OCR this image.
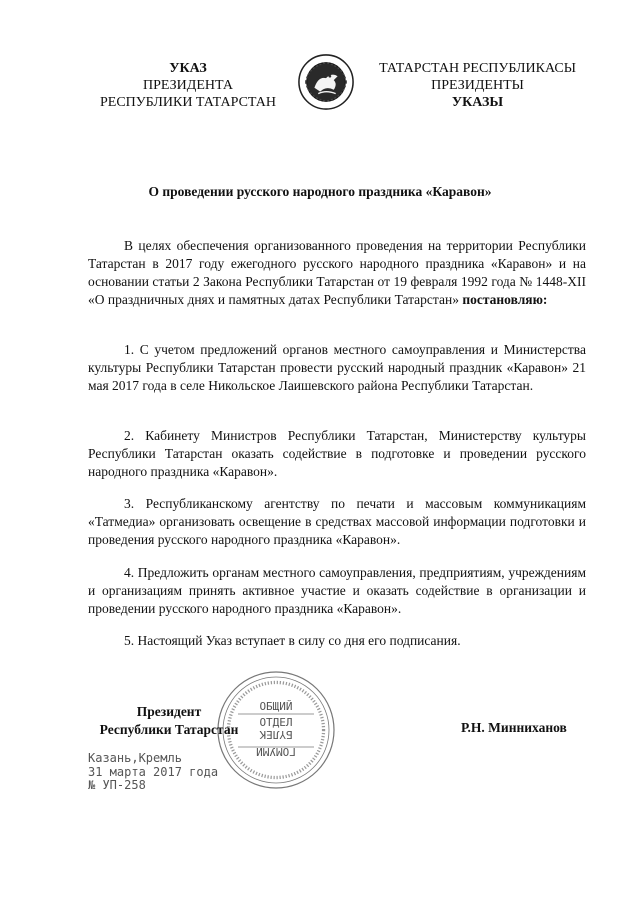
УКАЗ
ПРЕЗИДЕНТА
РЕСПУБЛИКИ ТАТАРСТАН
ТАТАРСТАН РЕСПУБЛИКАСЫ
ПРЕЗИДЕНТЫ
УКАЗЫ
О проведении русского народного праздника «Каравон»

В целях обеспечения организованного проведения на территории Республики Татарстан в 2017 году ежегодного русского народного праздника «Каравон» и на основании статьи 2 Закона Республики Татарстан от 19 февраля 1992 года № 1448-XII «О праздничных днях и памятных датах Республики Татарстан» постановляю:

1. С учетом предложений органов местного самоуправления и Министерства культуры Республики Татарстан провести русский народный праздник «Каравон» 21 мая 2017 года в селе Никольское Лаишевского района Республики Татарстан.

2. Кабинету Министров Республики Татарстан, Министерству культуры Республики Татарстан оказать содействие в подготовке и проведении русского народного праздника «Каравон».

3. Республиканскому агентству по печати и массовым коммуникациям «Татмедиа» организовать освещение в средствах массовой информации подготовки и проведения русского народного праздника «Каравон».

4. Предложить органам местного самоуправления, предприятиям, учреждениям и организациям принять активное участие и оказать содействие в организации и проведении русского народного праздника «Каравон».

5. Настоящий Указ вступает в силу со дня его подписания.

ОБЩИЙ
ОТДЕЛ
БҮЛЕК
ГОМУМИ
Президент
Республики Татарстан	Р.Н. Минниханов
Казань,Кремль
31 марта 2017 года
№ УП-258
